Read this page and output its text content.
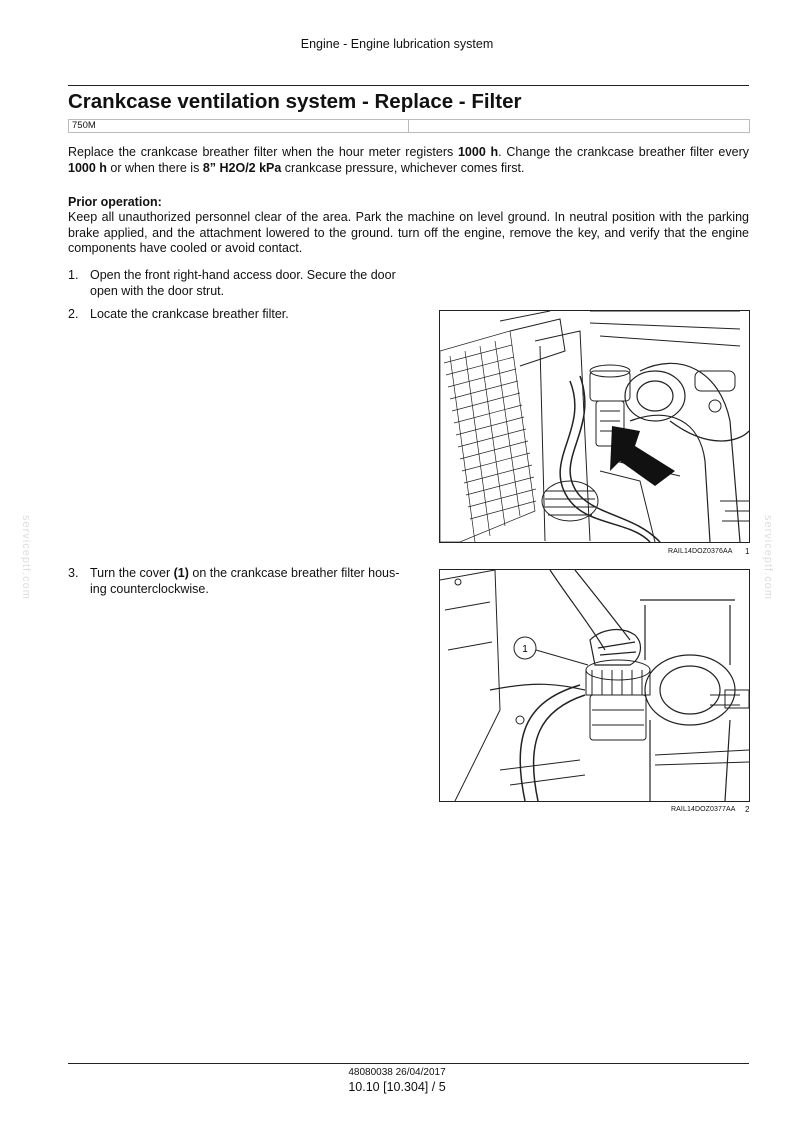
Engine - Engine lubrication system
Crankcase ventilation system - Replace - Filter
750M

Replace the crankcase breather filter when the hour meter registers 1000 h. Change the crankcase breather filter every 1000 h or when there is 8” H2O/2 kPa crankcase pressure, whichever comes first.

Prior operation:

Keep all unauthorized personnel clear of the area. Park the machine on level ground. In neutral position with the parking brake applied, and the attachment lowered to the ground. turn off the engine, remove the key, and verify that the engine components have cooled or avoid contact.

1. Open the front right-hand access door. Secure the door open with the door strut.
2. Locate the crankcase breather filter.
3. Turn the cover (1) on the crankcase breather filter hous-ing counterclockwise.
RAIL14DOZ0376AA 1
1
RAIL14DOZ0377AA 2
serviceptf.com	serviceptf.com
48080038 26/04/2017
10.10 [10.304] / 5
